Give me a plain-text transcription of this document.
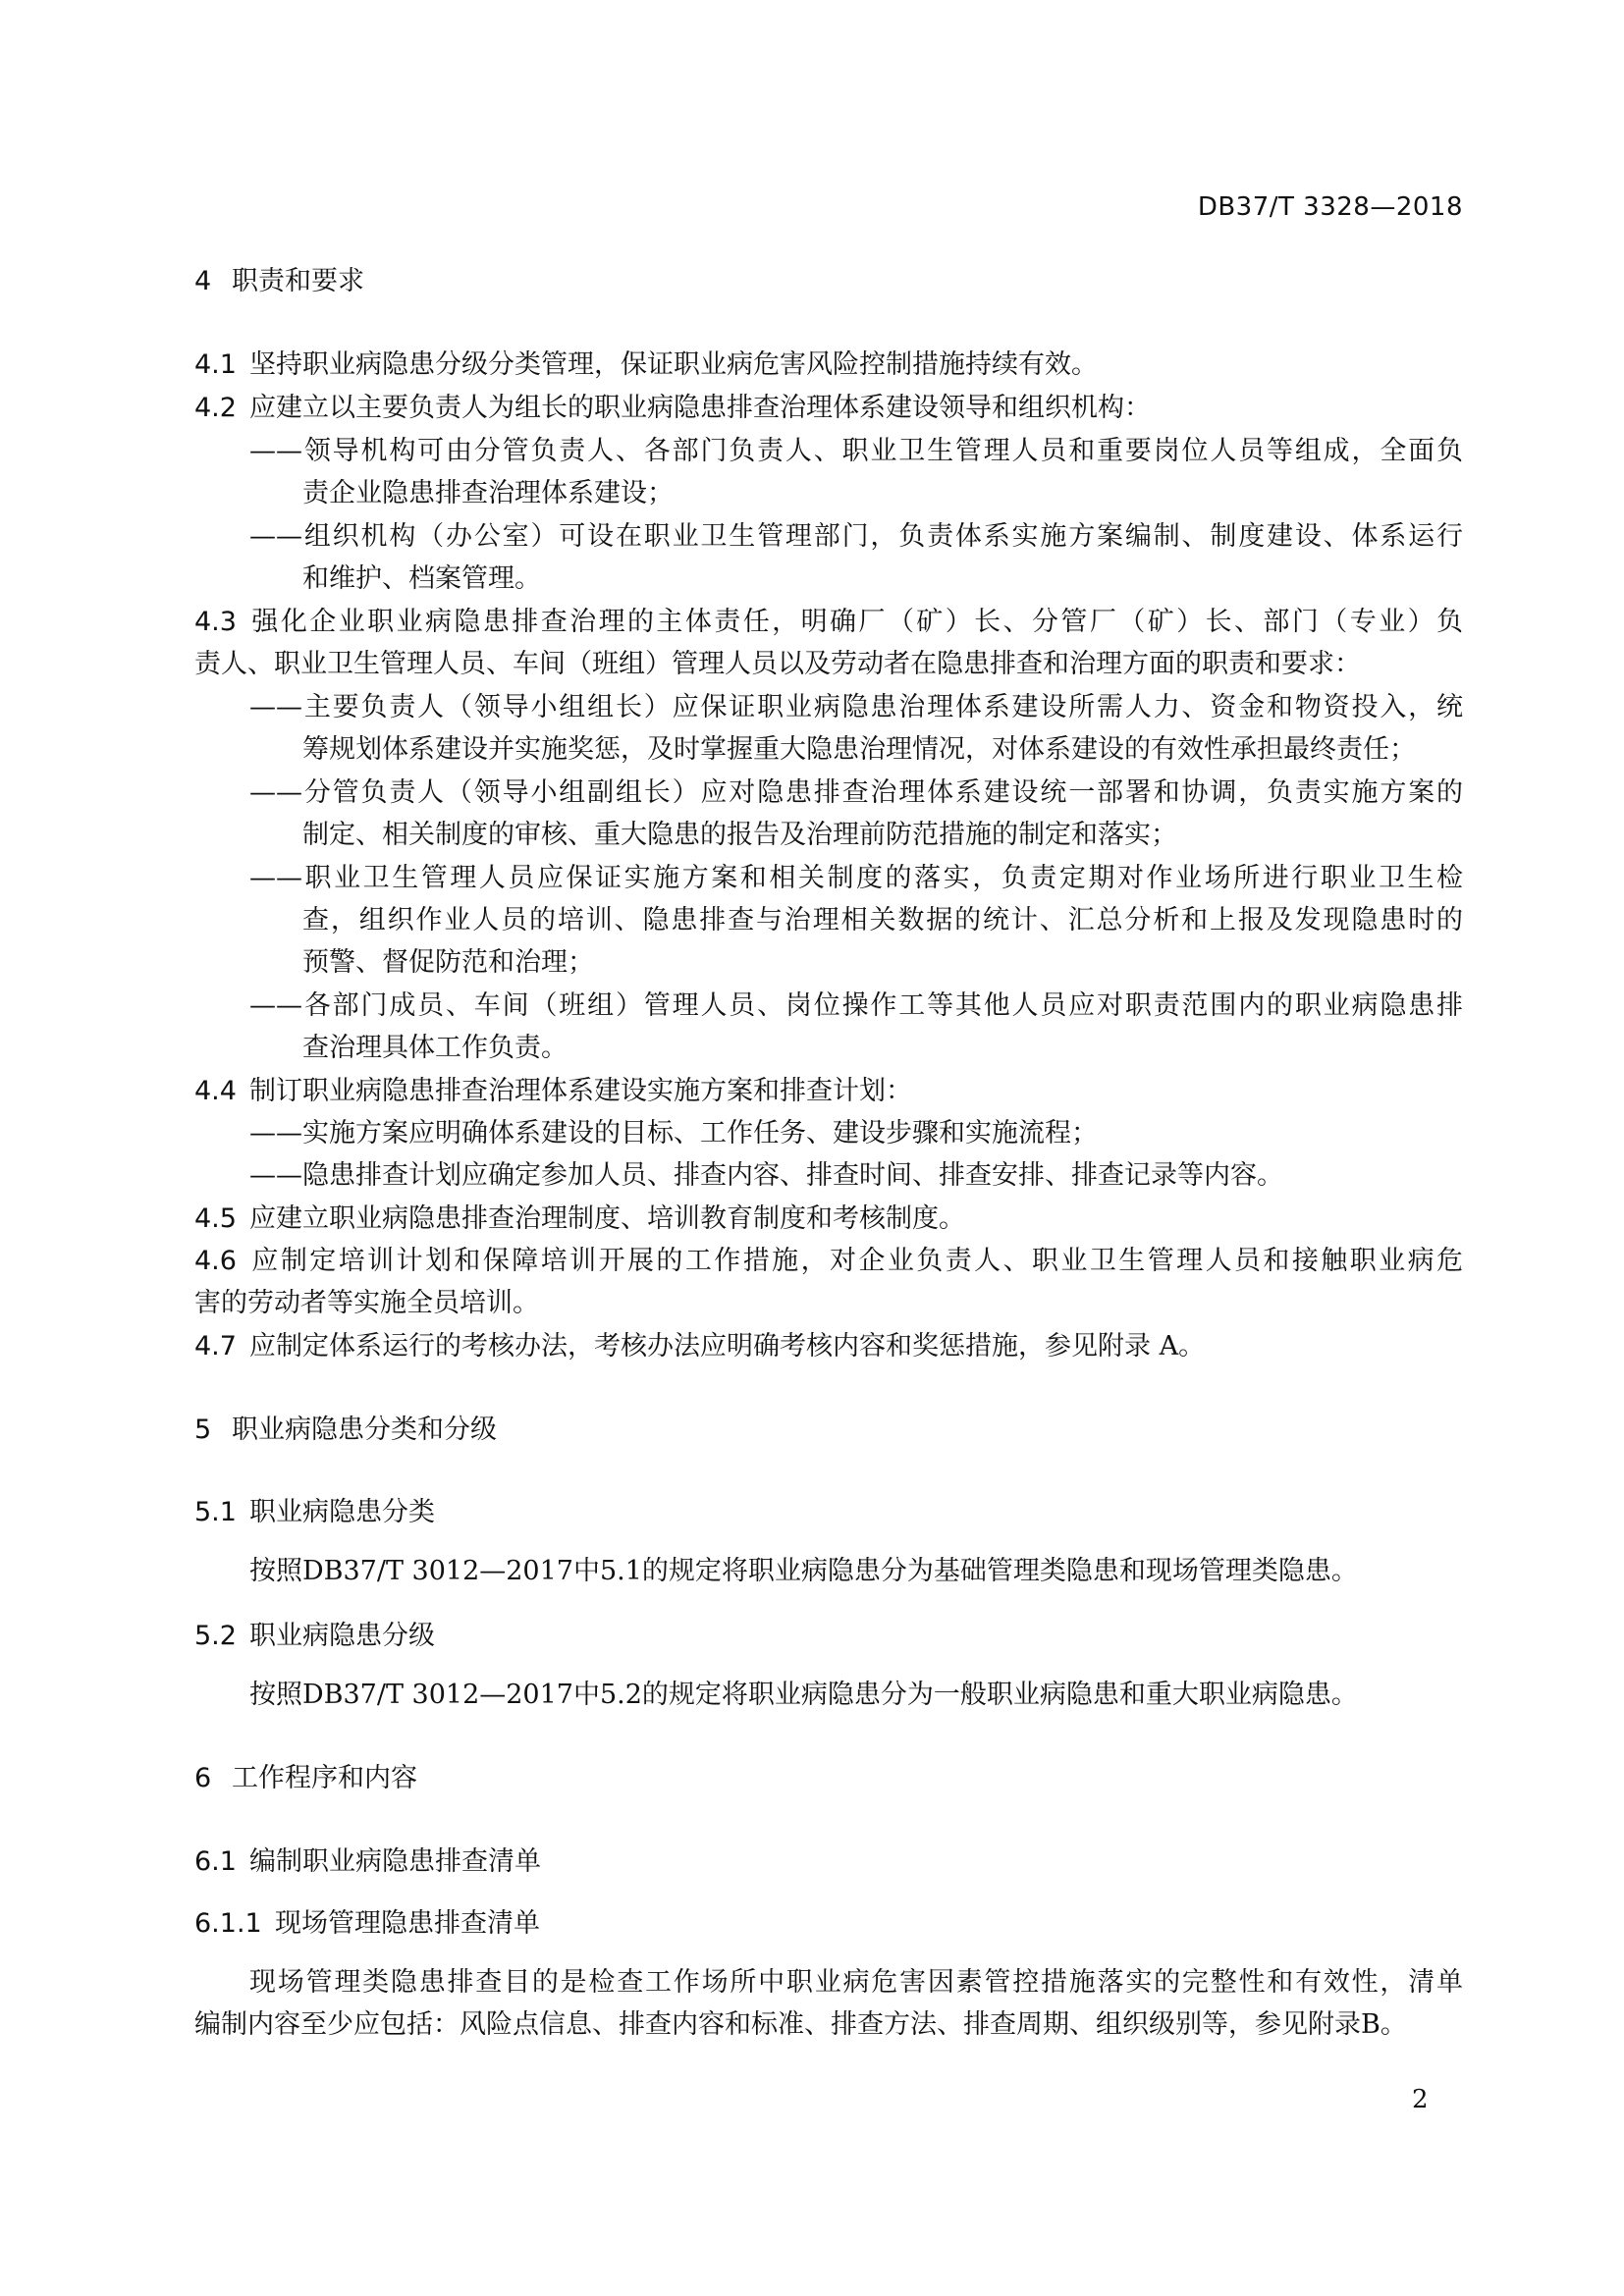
DB37/T 3328—2018
4 职责和要求
4.1 坚持职业病隐患分级分类管理，保证职业病危害风险控制措施持续有效。
4.2 应建立以主要负责人为组长的职业病隐患排查治理体系建设领导和组织机构：
——领导机构可由分管负责人、各部门负责人、职业卫生管理人员和重要岗位人员等组成，全面负
责企业隐患排查治理体系建设；
——组织机构（办公室）可设在职业卫生管理部门，负责体系实施方案编制、制度建设、体系运行
和维护、档案管理。
4.3 强化企业职业病隐患排查治理的主体责任，明确厂（矿）长、分管厂（矿）长、部门（专业）负
责人、职业卫生管理人员、车间（班组）管理人员以及劳动者在隐患排查和治理方面的职责和要求：
——主要负责人（领导小组组长）应保证职业病隐患治理体系建设所需人力、资金和物资投入，统
筹规划体系建设并实施奖惩，及时掌握重大隐患治理情况，对体系建设的有效性承担最终责任；
——分管负责人（领导小组副组长）应对隐患排查治理体系建设统一部署和协调，负责实施方案的
制定、相关制度的审核、重大隐患的报告及治理前防范措施的制定和落实；
——职业卫生管理人员应保证实施方案和相关制度的落实，负责定期对作业场所进行职业卫生检
查，组织作业人员的培训、隐患排查与治理相关数据的统计、汇总分析和上报及发现隐患时的
预警、督促防范和治理；
——各部门成员、车间（班组）管理人员、岗位操作工等其他人员应对职责范围内的职业病隐患排
查治理具体工作负责。
4.4 制订职业病隐患排查治理体系建设实施方案和排查计划：
——实施方案应明确体系建设的目标、工作任务、建设步骤和实施流程；
——隐患排查计划应确定参加人员、排查内容、排查时间、排查安排、排查记录等内容。
4.5 应建立职业病隐患排查治理制度、培训教育制度和考核制度。
4.6 应制定培训计划和保障培训开展的工作措施，对企业负责人、职业卫生管理人员和接触职业病危
害的劳动者等实施全员培训。
4.7 应制定体系运行的考核办法，考核办法应明确考核内容和奖惩措施，参见附录 A。
5 职业病隐患分类和分级
5.1 职业病隐患分类
按照DB37/T 3012—2017中5.1的规定将职业病隐患分为基础管理类隐患和现场管理类隐患。
5.2 职业病隐患分级
按照DB37/T 3012—2017中5.2的规定将职业病隐患分为一般职业病隐患和重大职业病隐患。
6 工作程序和内容
6.1 编制职业病隐患排查清单
6.1.1 现场管理隐患排查清单
现场管理类隐患排查目的是检查工作场所中职业病危害因素管控措施落实的完整性和有效性，清单
编制内容至少应包括：风险点信息、排查内容和标准、排查方法、排查周期、组织级别等，参见附录B。
2
